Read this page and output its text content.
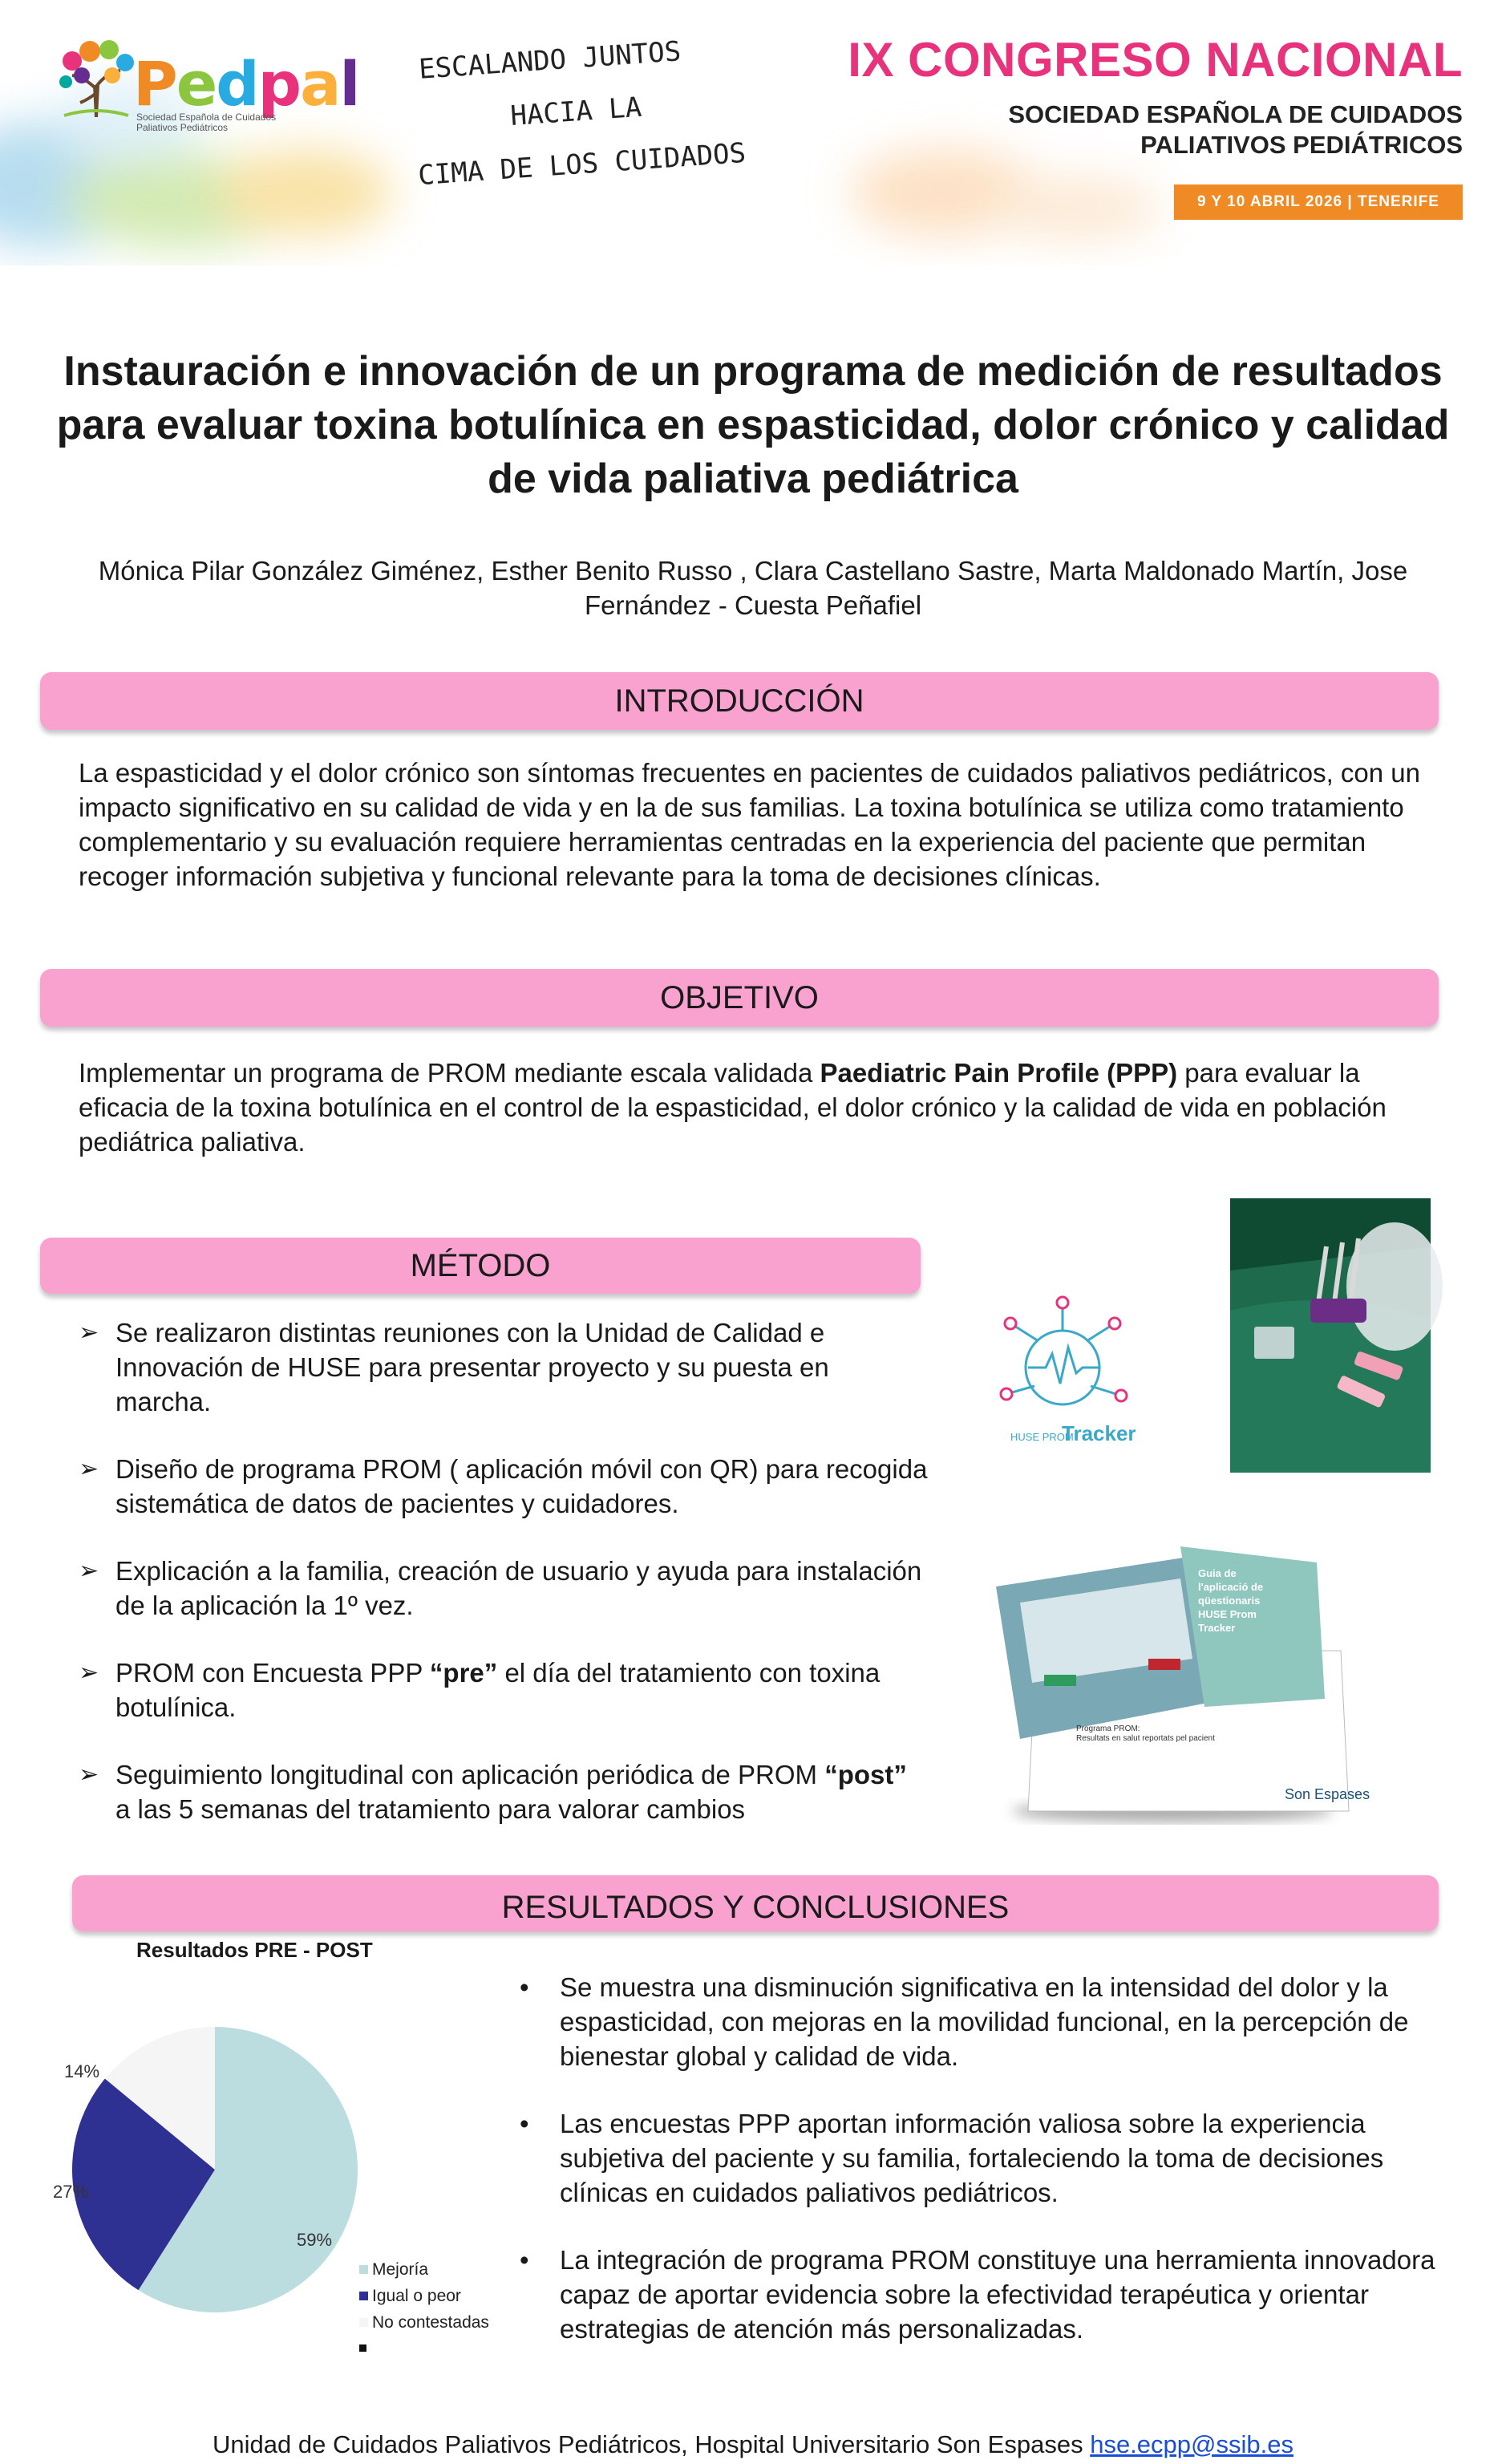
Pedpal
Sociedad Española de Cuidados Paliativos Pediátricos
ESCALANDO JUNTOS
HACIA LA
CIMA DE LOS CUIDADOS
IX CONGRESO NACIONAL
SOCIEDAD ESPAÑOLA DE CUIDADOS
PALIATIVOS PEDIÁTRICOS
9 Y 10 ABRIL 2026 | TENERIFE
Instauración e innovación de un programa de medición de resultados para evaluar toxina botulínica en espasticidad, dolor crónico y calidad de vida paliativa pediátrica
Mónica Pilar González Giménez, Esther Benito Russo , Clara Castellano Sastre, Marta Maldonado Martín, Jose Fernández - Cuesta Peñafiel
INTRODUCCIÓN
La espasticidad y el dolor crónico son síntomas frecuentes en pacientes de cuidados paliativos pediátricos, con un impacto significativo en su calidad de vida y en la de sus familias. La toxina botulínica se utiliza como tratamiento complementario y su evaluación requiere herramientas centradas en la experiencia del paciente que permitan recoger información subjetiva y funcional relevante para la toma de decisiones clínicas.
OBJETIVO
Implementar un programa de PROM mediante escala validada Paediatric Pain Profile (PPP) para evaluar la eficacia de la toxina botulínica en el control de la espasticidad, el dolor crónico y la calidad de vida en población pediátrica paliativa.
MÉTODO
➢ Se realizaron distintas reuniones con la Unidad de Calidad e Innovación de HUSE para presentar proyecto y su puesta en marcha.
➢ Diseño de programa PROM ( aplicación móvil con QR) para recogida sistemática de datos de pacientes y cuidadores.
➢ Explicación a la familia, creación de usuario y ayuda para instalación de la aplicación la 1º vez.
➢ PROM con Encuesta PPP “pre” el día del tratamiento con toxina botulínica.
➢ Seguimiento longitudinal con aplicación periódica de PROM “post” a las 5 semanas del tratamiento para valorar cambios
HUSE PROM
Tracker
Guia de l'aplicació de qüestionaris HUSE Prom Tracker
Programa PROM: Resultats en salut reportats pel pacient
Son Espases
RESULTADOS Y CONCLUSIONES
Resultados PRE - POST
59%
27%
14%
Mejoría
Igual o peor
No contestadas
• Se muestra una disminución significativa en la intensidad del dolor y la espasticidad, con mejoras en la movilidad funcional, en la percepción de bienestar global y calidad de vida.
• Las encuestas PPP aportan información valiosa sobre la experiencia subjetiva del paciente y su familia, fortaleciendo la toma de decisiones clínicas en cuidados paliativos pediátricos.
• La integración de programa PROM constituye una herramienta innovadora capaz de aportar evidencia sobre la efectividad terapéutica y orientar estrategias de atención más personalizadas.
Unidad de Cuidados Paliativos Pediátricos, Hospital Universitario Son Espases hse.ecpp@ssib.es
